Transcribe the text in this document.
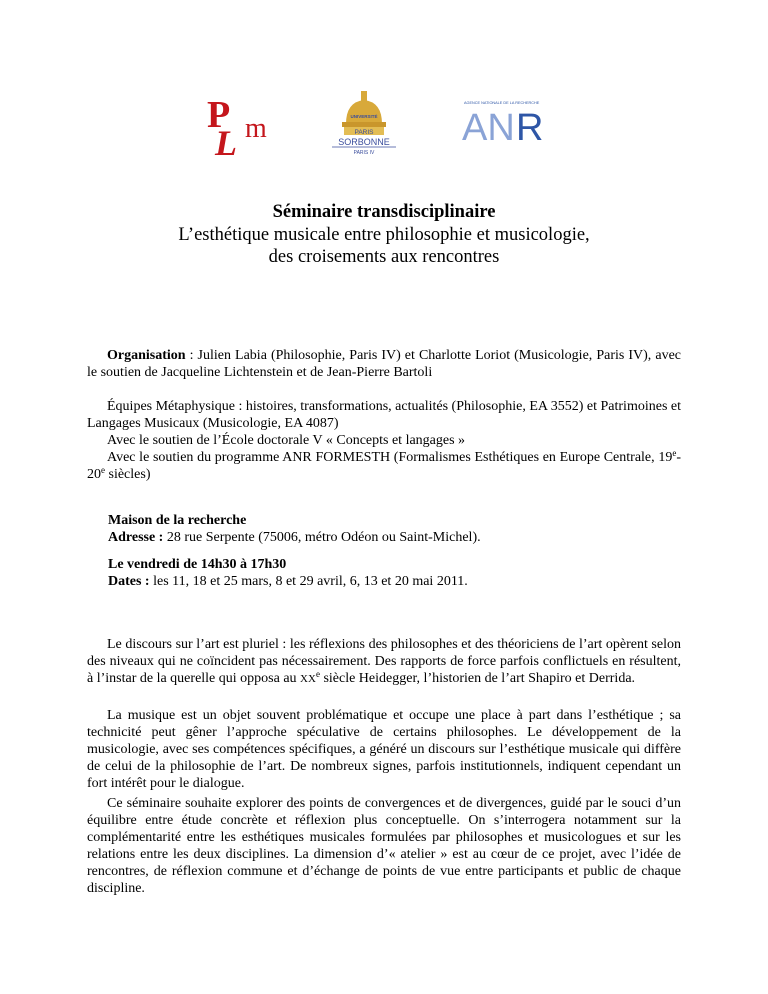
P
L m	UNIVERSITÉ
PARIS
SORBONNE
PARIS IV
AGENCE NATIONALE DE LA RECHERCHE
AN R
Séminaire transdisciplinaire
L’esthétique musicale entre philosophie et musicologie,
des croisements aux rencontres

Organisation : Julien Labia (Philosophie, Paris IV) et Charlotte Loriot (Musicologie, Paris IV), avec le soutien de Jacqueline Lichtenstein et de Jean-Pierre Bartoli

Équipes Métaphysique : histoires, transformations, actualités (Philosophie, EA 3552) et Patrimoines et Langages Musicaux (Musicologie, EA 4087)

Avec le soutien de l’École doctorale V « Concepts et langages »

Avec le soutien du programme ANR FORMESTH (Formalismes Esthétiques en Europe Centrale, 19e-20e siècles)

Maison de la recherche
Adresse : 28 rue Serpente (75006, métro Odéon ou Saint-Michel).

Le vendredi de 14h30 à 17h30
Dates : les 11, 18 et 25 mars, 8 et 29 avril, 6, 13 et 20 mai 2011.

Le discours sur l’art est pluriel : les réflexions des philosophes et des théoriciens de l’art opèrent selon des niveaux qui ne coïncident pas nécessairement. Des rapports de force parfois conflictuels en résultent, à l’instar de la querelle qui opposa au XXe siècle Heidegger, l’historien de l’art Shapiro et Derrida.

La musique est un objet souvent problématique et occupe une place à part dans l’esthétique ; sa technicité peut gêner l’approche spéculative de certains philosophes. Le développement de la musicologie, avec ses compétences spécifiques, a généré un discours sur l’esthétique musicale qui diffère de celui de la philosophie de l’art. De nombreux signes, parfois institutionnels, indiquent cependant un fort intérêt pour le dialogue.

Ce séminaire souhaite explorer des points de convergences et de divergences, guidé par le souci d’un équilibre entre étude concrète et réflexion plus conceptuelle. On s’interrogera notamment sur la complémentarité entre les esthétiques musicales formulées par philosophes et musicologues et sur les relations entre les deux disciplines. La dimension d’« atelier » est au cœur de ce projet, avec l’idée de rencontres, de réflexion commune et d’échange de points de vue entre participants et public de chaque discipline.
